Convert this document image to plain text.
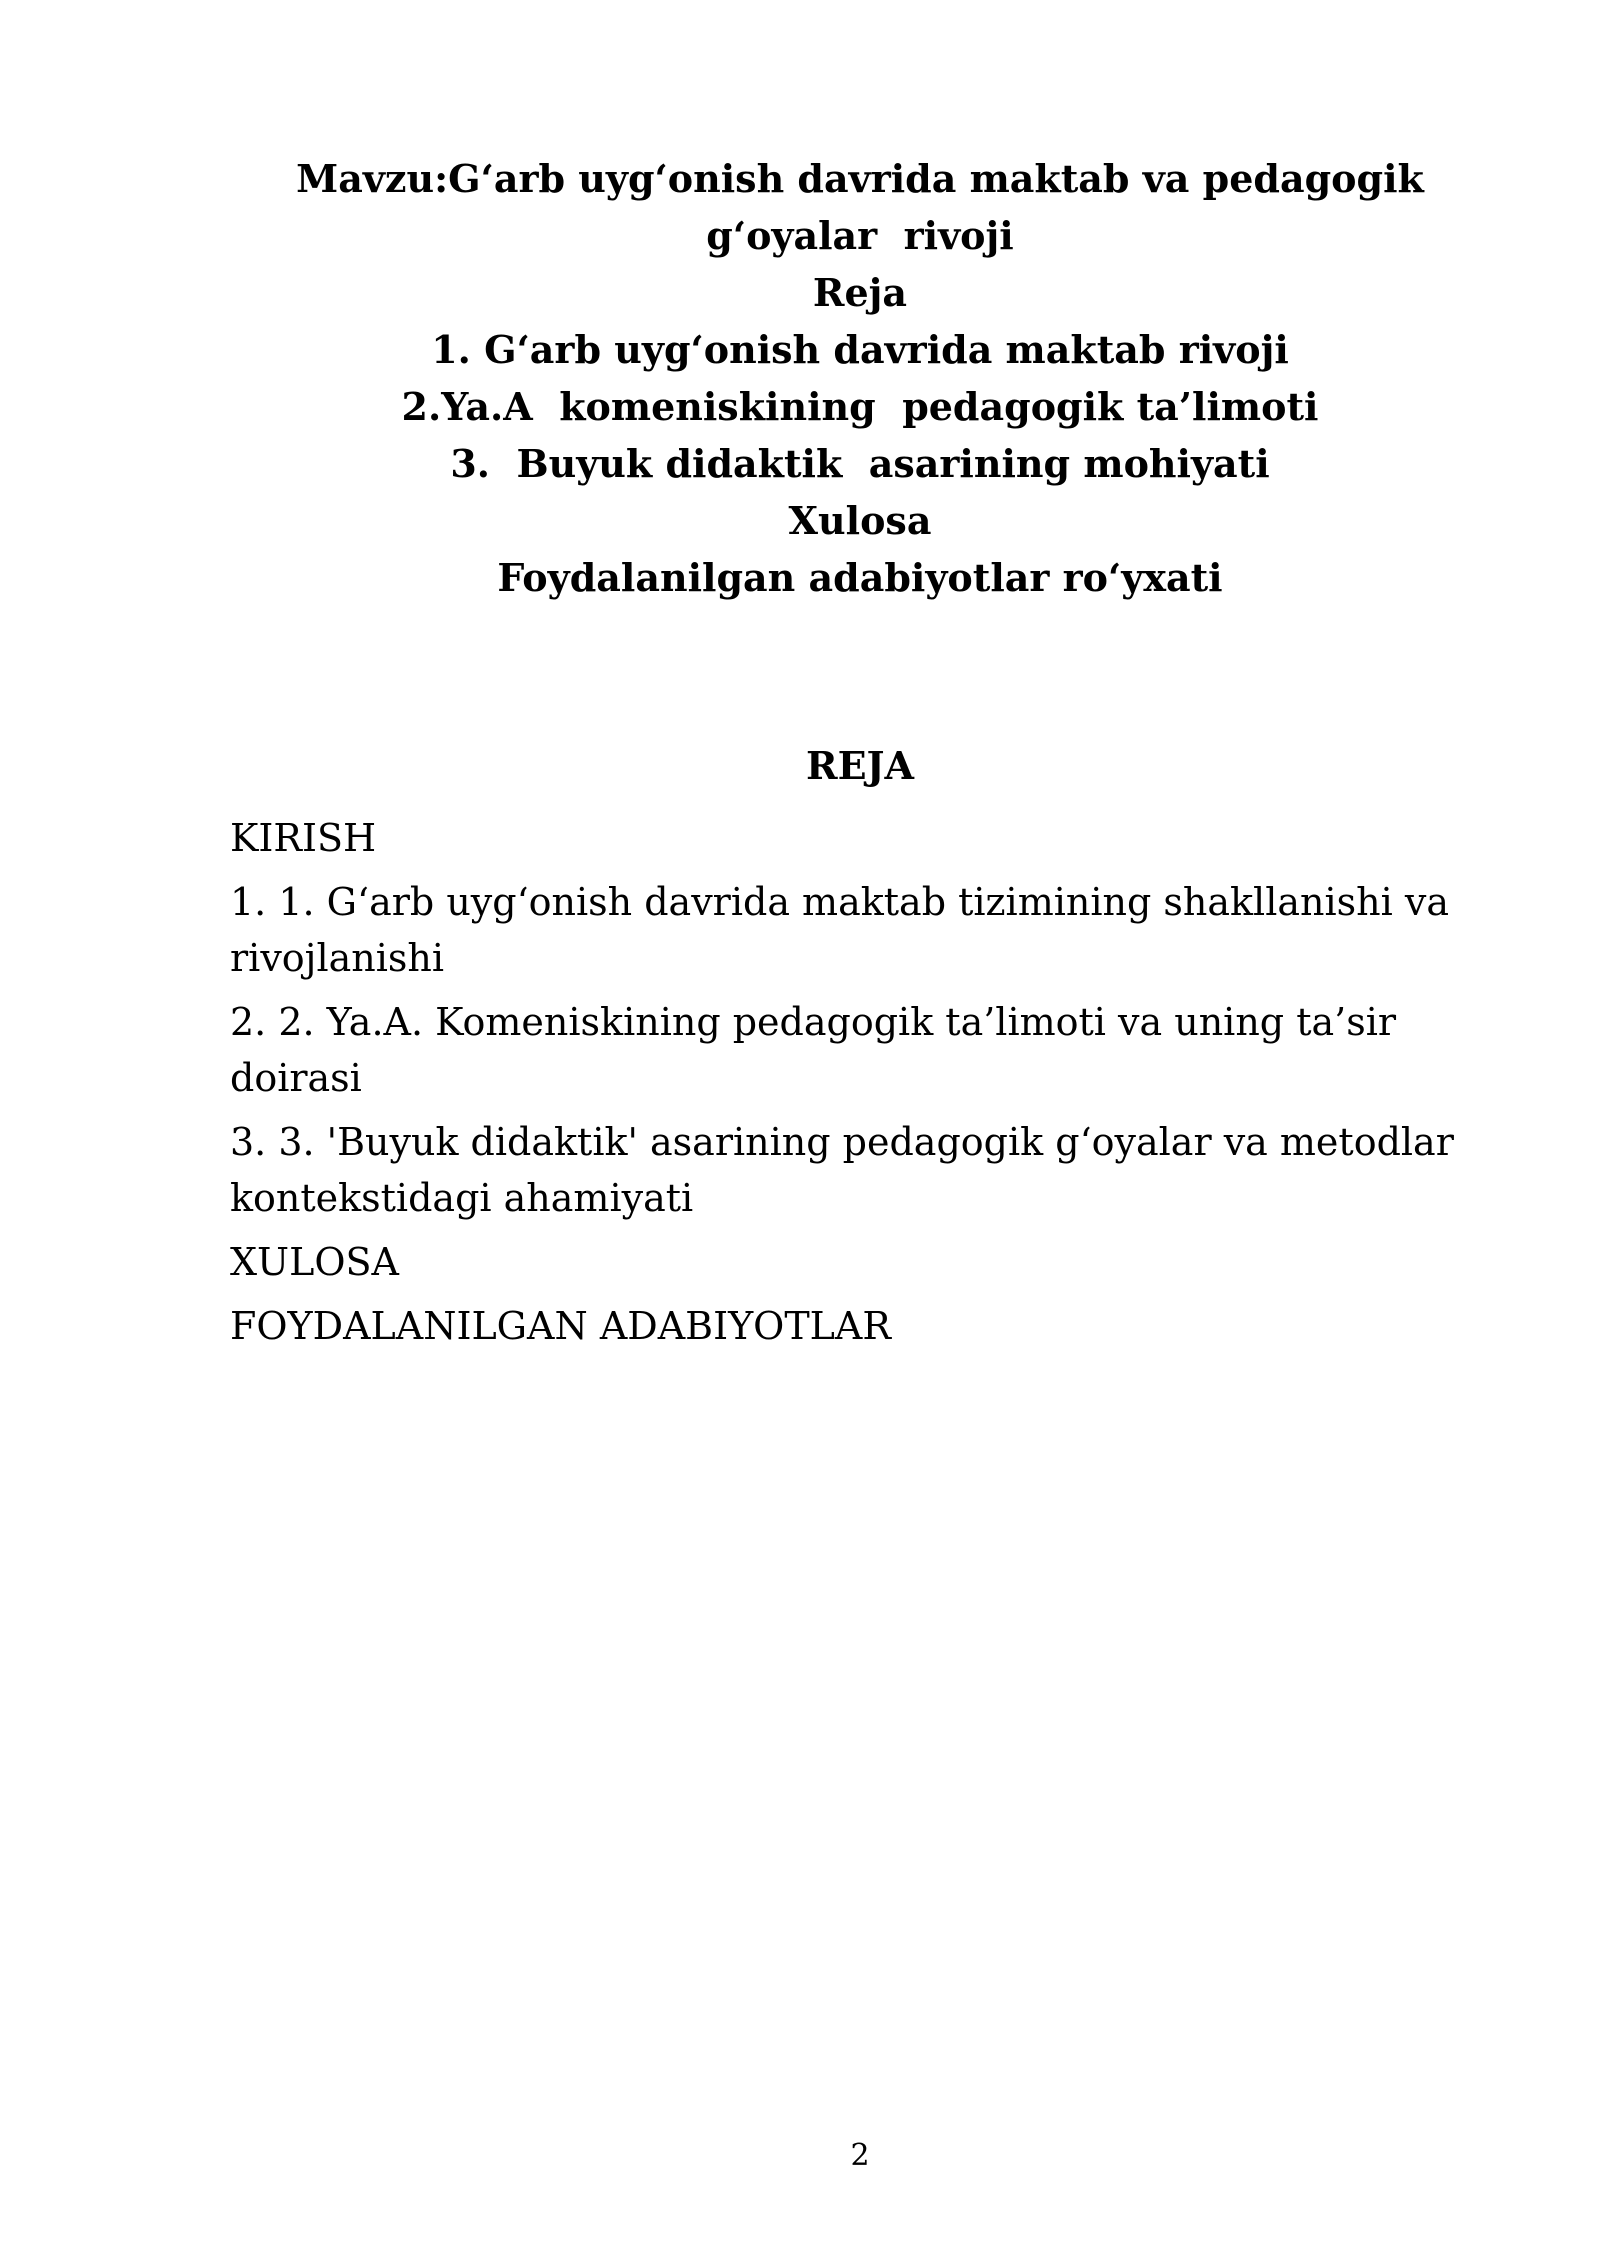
Mavzu:G‘arb uyg‘onish davrida maktab va pedagogik
g‘oyalar  rivoji
Reja
1. G‘arb uyg‘onish davrida maktab rivoji
2.Ya.A  komeniskining  pedagogik ta’limoti
3.  Buyuk didaktik  asarining mohiyati
Xulosa
Foydalanilgan adabiyotlar ro‘yxati
REJA
KIRISH
1. 1. G‘arb uyg‘onish davrida maktab tizimining shakllanishi va rivojlanishi
2. 2. Ya.A. Komeniskining pedagogik ta’limoti va uning ta’sir doirasi
3. 3. 'Buyuk didaktik' asarining pedagogik g‘oyalar va metodlar kontekstidagi ahamiyati
XULOSA
FOYDALANILGAN ADABIYOTLAR
2
